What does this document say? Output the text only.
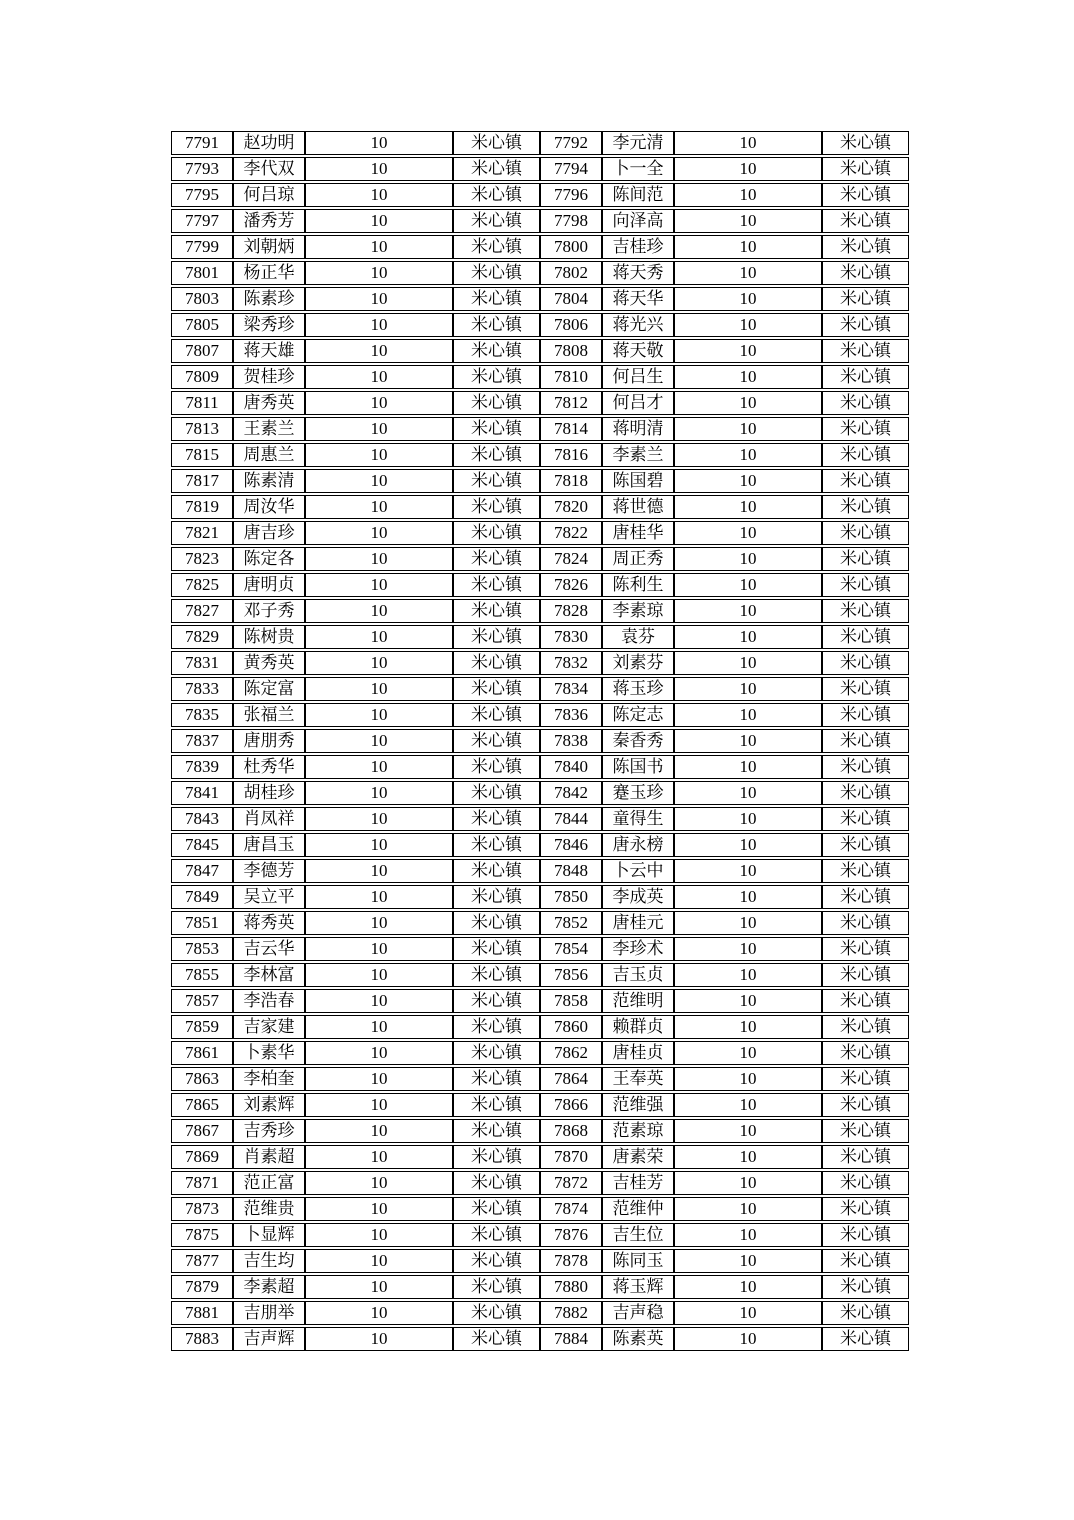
7791	赵功明	10	米心镇	7792	李元清	10	米心镇
7793	李代双	10	米心镇	7794	卜一全	10	米心镇
7795	何吕琼	10	米心镇	7796	陈间范	10	米心镇
7797	潘秀芳	10	米心镇	7798	向泽高	10	米心镇
7799	刘朝炳	10	米心镇	7800	吉桂珍	10	米心镇
7801	杨正华	10	米心镇	7802	蒋天秀	10	米心镇
7803	陈素珍	10	米心镇	7804	蒋天华	10	米心镇
7805	梁秀珍	10	米心镇	7806	蒋光兴	10	米心镇
7807	蒋天雄	10	米心镇	7808	蒋天敬	10	米心镇
7809	贺桂珍	10	米心镇	7810	何吕生	10	米心镇
7811	唐秀英	10	米心镇	7812	何吕才	10	米心镇
7813	王素兰	10	米心镇	7814	蒋明清	10	米心镇
7815	周惠兰	10	米心镇	7816	李素兰	10	米心镇
7817	陈素清	10	米心镇	7818	陈国碧	10	米心镇
7819	周汝华	10	米心镇	7820	蒋世德	10	米心镇
7821	唐吉珍	10	米心镇	7822	唐桂华	10	米心镇
7823	陈定各	10	米心镇	7824	周正秀	10	米心镇
7825	唐明贞	10	米心镇	7826	陈利生	10	米心镇
7827	邓子秀	10	米心镇	7828	李素琼	10	米心镇
7829	陈树贵	10	米心镇	7830	袁芬	10	米心镇
7831	黄秀英	10	米心镇	7832	刘素芬	10	米心镇
7833	陈定富	10	米心镇	7834	蒋玉珍	10	米心镇
7835	张福兰	10	米心镇	7836	陈定志	10	米心镇
7837	唐朋秀	10	米心镇	7838	秦香秀	10	米心镇
7839	杜秀华	10	米心镇	7840	陈国书	10	米心镇
7841	胡桂珍	10	米心镇	7842	蹇玉珍	10	米心镇
7843	肖凤祥	10	米心镇	7844	童得生	10	米心镇
7845	唐昌玉	10	米心镇	7846	唐永榜	10	米心镇
7847	李德芳	10	米心镇	7848	卜云中	10	米心镇
7849	吴立平	10	米心镇	7850	李成英	10	米心镇
7851	蒋秀英	10	米心镇	7852	唐桂元	10	米心镇
7853	吉云华	10	米心镇	7854	李珍术	10	米心镇
7855	李林富	10	米心镇	7856	吉玉贞	10	米心镇
7857	李浩春	10	米心镇	7858	范维明	10	米心镇
7859	吉家建	10	米心镇	7860	赖群贞	10	米心镇
7861	卜素华	10	米心镇	7862	唐桂贞	10	米心镇
7863	李柏奎	10	米心镇	7864	王奉英	10	米心镇
7865	刘素辉	10	米心镇	7866	范维强	10	米心镇
7867	吉秀珍	10	米心镇	7868	范素琼	10	米心镇
7869	肖素超	10	米心镇	7870	唐素荣	10	米心镇
7871	范正富	10	米心镇	7872	吉桂芳	10	米心镇
7873	范维贵	10	米心镇	7874	范维仲	10	米心镇
7875	卜显辉	10	米心镇	7876	吉生位	10	米心镇
7877	吉生均	10	米心镇	7878	陈同玉	10	米心镇
7879	李素超	10	米心镇	7880	蒋玉辉	10	米心镇
7881	吉朋举	10	米心镇	7882	吉声稳	10	米心镇
7883	吉声辉	10	米心镇	7884	陈素英	10	米心镇
